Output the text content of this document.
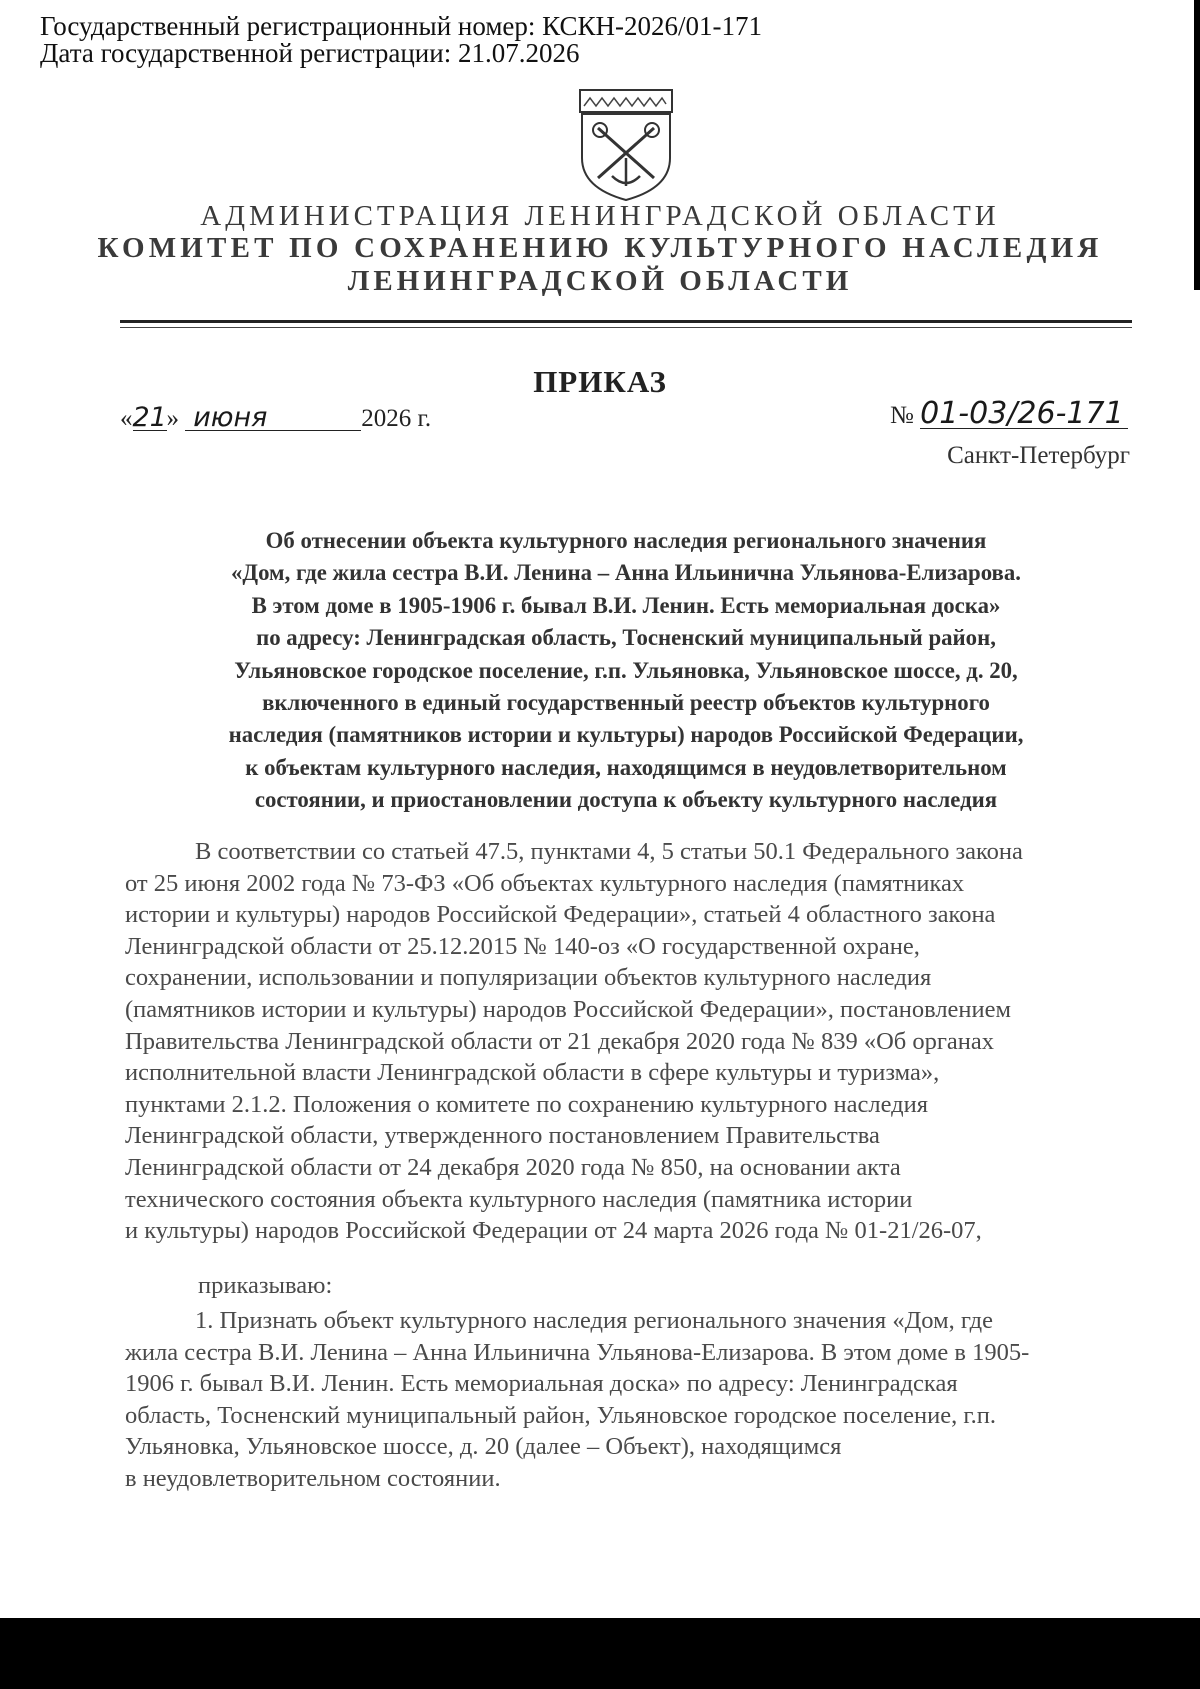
Государственный регистрационный номер: КСКН-2026/01-171
Дата государственной регистрации: 21.07.2026
АДМИНИСТРАЦИЯ ЛЕНИНГРАДСКОЙ ОБЛАСТИ
КОМИТЕТ ПО СОХРАНЕНИЮ КУЛЬТУРНОГО НАСЛЕДИЯ
ЛЕНИНГРАДСКОЙ ОБЛАСТИ
ПРИКАЗ
«21» июня	2026 г.	№ 01-03/26-171
Санкт-Петербург
Об отнесении объекта культурного наследия регионального значения
«Дом, где жила сестра В.И. Ленина – Анна Ильинична Ульянова-Елизарова.
В этом доме в 1905-1906 г. бывал В.И. Ленин. Есть мемориальная доска»
по адресу: Ленинградская область, Тосненский муниципальный район,
Ульяновское городское поселение, г.п. Ульяновка, Ульяновское шоссе, д. 20,
включенного в единый государственный реестр объектов культурного
наследия (памятников истории и культуры) народов Российской Федерации,
к объектам культурного наследия, находящимся в неудовлетворительном
состоянии, и приостановлении доступа к объекту культурного наследия
В соответствии со статьей 47.5, пунктами 4, 5 статьи 50.1 Федерального закона
от 25 июня 2002 года № 73-ФЗ «Об объектах культурного наследия (памятниках
истории и культуры) народов Российской Федерации», статьей 4 областного закона
Ленинградской области от 25.12.2015 № 140-оз «О государственной охране,
сохранении, использовании и популяризации объектов культурного наследия
(памятников истории и культуры) народов Российской Федерации», постановлением
Правительства Ленинградской области от 21 декабря 2020 года № 839 «Об органах
исполнительной власти Ленинградской области в сфере культуры и туризма»,
пунктами 2.1.2. Положения о комитете по сохранению культурного наследия
Ленинградской области, утвержденного постановлением Правительства
Ленинградской области от 24 декабря 2020 года № 850, на основании акта
технического состояния объекта культурного наследия (памятника истории
и культуры) народов Российской Федерации от 24 марта 2026 года № 01-21/26-07,
приказываю:
1. Признать объект культурного наследия регионального значения «Дом, где
жила сестра В.И. Ленина – Анна Ильинична Ульянова-Елизарова. В этом доме в 1905-
1906 г. бывал В.И. Ленин. Есть мемориальная доска» по адресу: Ленинградская
область, Тосненский муниципальный район, Ульяновское городское поселение, г.п.
Ульяновка, Ульяновское шоссе, д. 20 (далее – Объект), находящимся
в неудовлетворительном состоянии.
